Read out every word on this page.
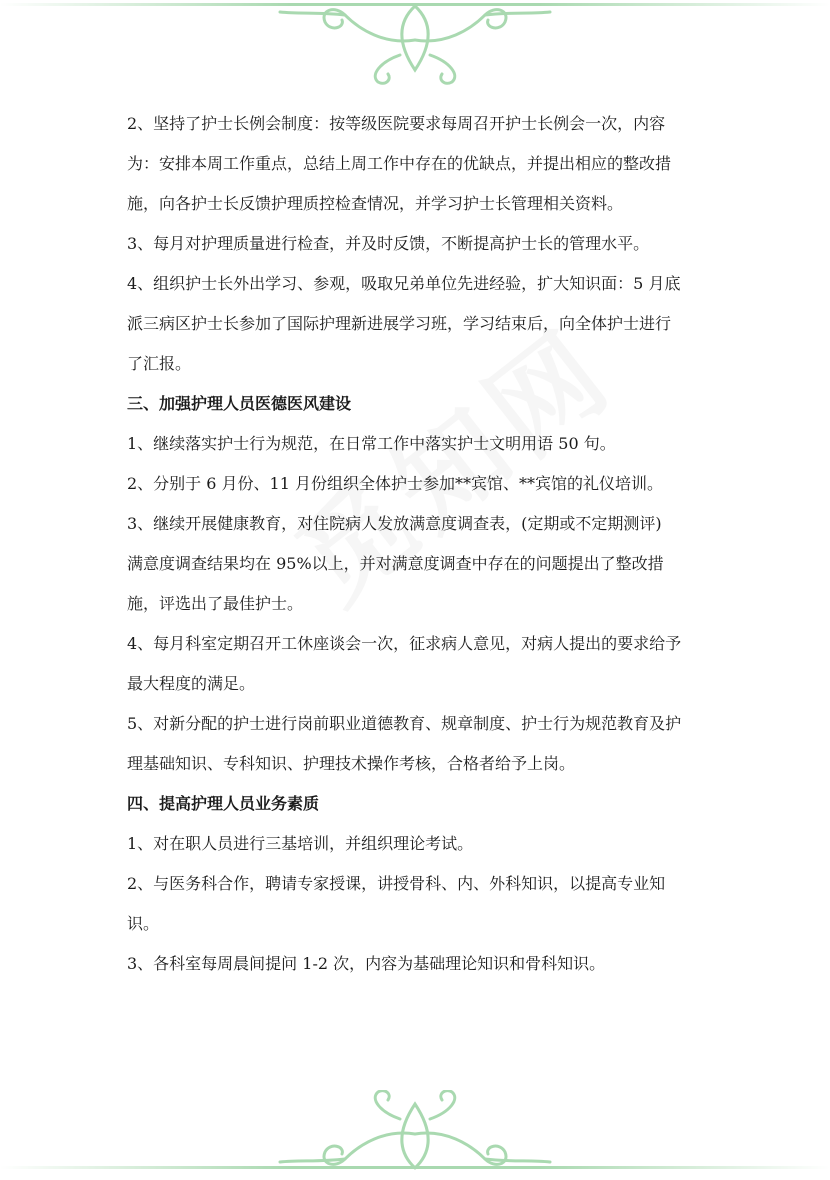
2、坚持了护士长例会制度：按等级医院要求每周召开护士长例会一次，内容
为：安排本周工作重点，总结上周工作中存在的优缺点，并提出相应的整改措
施，向各护士长反馈护理质控检查情况，并学习护士长管理相关资料。
3、每月对护理质量进行检查，并及时反馈，不断提高护士长的管理水平。
4、组织护士长外出学习、参观，吸取兄弟单位先进经验，扩大知识面：5 月底
派三病区护士长参加了国际护理新进展学习班，学习结束后，向全体护士进行
了汇报。
三、加强护理人员医德医风建设
1、继续落实护士行为规范，在日常工作中落实护士文明用语 50 句。
2、分别于 6 月份、11 月份组织全体护士参加**宾馆、**宾馆的礼仪培训。
3、继续开展健康教育，对住院病人发放满意度调查表，(定期或不定期测评)
满意度调查结果均在 95%以上，并对满意度调查中存在的问题提出了整改措
施，评选出了最佳护士。
4、每月科室定期召开工休座谈会一次，征求病人意见，对病人提出的要求给予
最大程度的满足。
5、对新分配的护士进行岗前职业道德教育、规章制度、护士行为规范教育及护
理基础知识、专科知识、护理技术操作考核，合格者给予上岗。
四、提高护理人员业务素质
1、对在职人员进行三基培训，并组织理论考试。
2、与医务科合作，聘请专家授课，讲授骨科、内、外科知识，以提高专业知
识。
3、各科室每周晨间提问 1-2 次，内容为基础理论知识和骨科知识。
